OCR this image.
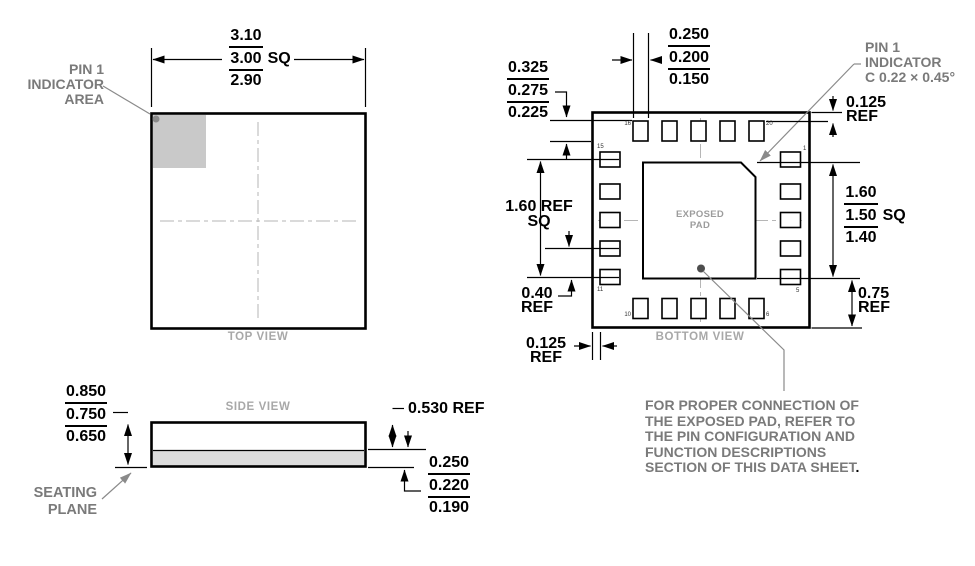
PIN 1
INDICATOR
AREA
3.10
3.00 SQ
2.90
TOP VIEW
SIDE VIEW
0.850
0.750
0.650
SEATING
PLANE
0.530 REF
0.250
0.220
0.190
0.250
0.200
0.150
0.325
0.275
0.225
1.60 REF
SQ
0.40
REF
0.125
REF
0.125
REF
1.60
1.50 SQ
1.40
0.75
REF
PIN 1
INDICATOR
C 0.22 × 0.45°
EXPOSED
PAD
BOTTOM VIEW
16	20
15
11
10	6
1
5
FOR PROPER CONNECTION OF
THE EXPOSED PAD, REFER TO
THE PIN CONFIGURATION AND
FUNCTION DESCRIPTIONS
SECTION OF THIS DATA SHEET.
